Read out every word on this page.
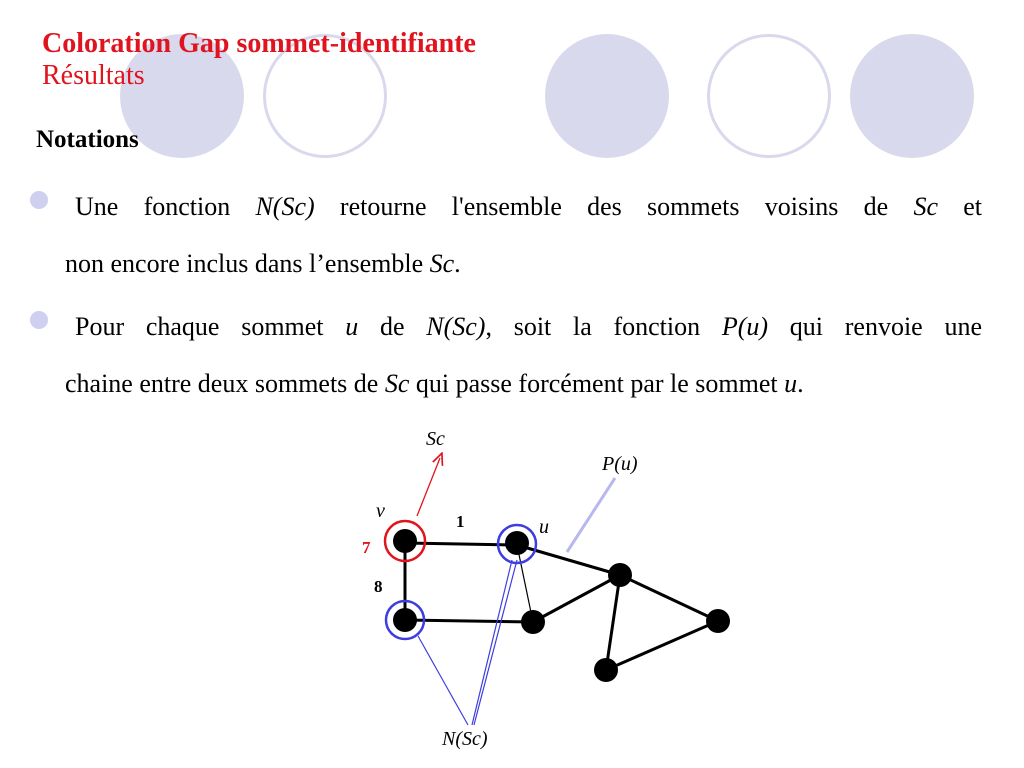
Coloration Gap sommet-identifiante
Résultats
Notations
Une fonction N(Sc) retourne l'ensemble des sommets voisins de Sc et
non encore inclus dans l’ensemble Sc.
Pour chaque sommet u de N(Sc), soit la fonction P(u) qui renvoie une
chaine entre deux sommets de Sc qui passe forcément par le sommet u.
Sc
P(u)
v
u
7
8
1
N(Sc)
